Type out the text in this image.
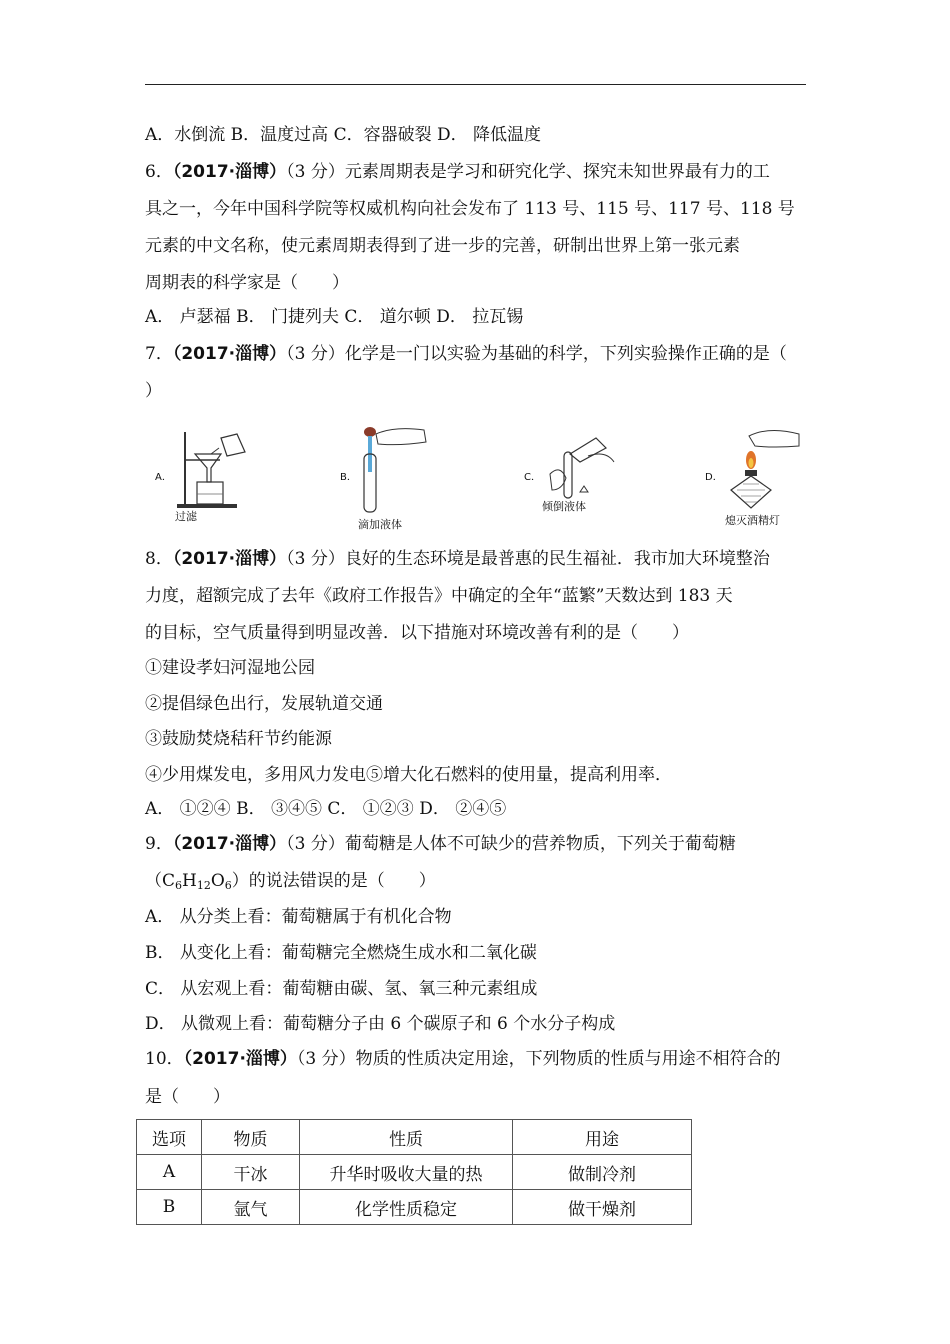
A．水倒流 B．温度过高 C．容器破裂 D． 降低温度
6．（2017·淄博）（3 分）元素周期表是学习和研究化学、探究未知世界最有力的工
具之一，今年中国科学院等权威机构向社会发布了 113 号、115 号、117 号、118 号
元素的中文名称，使元素周期表得到了进一步的完善，研制出世界上第一张元素
周期表的科学家是（　　）
A． 卢瑟福 B． 门捷列夫 C． 道尔顿 D． 拉瓦锡
7．（2017·淄博）（3 分）化学是一门以实验为基础的科学，下列实验操作正确的是（
）
A．
过滤
B．
滴加液体
C．
倾倒液体
D．
熄灭酒精灯
8．（2017·淄博）（3 分）良好的生态环境是最普惠的民生福祉．我市加大环境整治
力度，超额完成了去年《政府工作报告》中确定的全年“蓝繁”天数达到 183 天
的目标，空气质量得到明显改善．以下措施对环境改善有利的是（　　）
①建设孝妇河湿地公园
②提倡绿色出行，发展轨道交通
③鼓励焚烧秸秆节约能源
④少用煤发电，多用风力发电⑤增大化石燃料的使用量，提高利用率．
A． ①②④ B． ③④⑤ C． ①②③ D． ②④⑤
9．（2017·淄博）（3 分）葡萄糖是人体不可缺少的营养物质，下列关于葡萄糖
$(C_6H_{12}O_6)$的说法错误的是（　　）
A． 从分类上看：葡萄糖属于有机化合物
B． 从变化上看：葡萄糖完全燃烧生成水和二氧化碳
C． 从宏观上看：葡萄糖由碳、氢、氧三种元素组成
D． 从微观上看：葡萄糖分子由 6 个碳原子和 6 个水分子构成
10．（2017·淄博）（3 分）物质的性质决定用途，下列物质的性质与用途不相符合的
是（　　）
选项	物质	性质	用途
A	干冰	升华时吸收大量的热	做制冷剂
B	氩气	化学性质稳定	做干燥剂
